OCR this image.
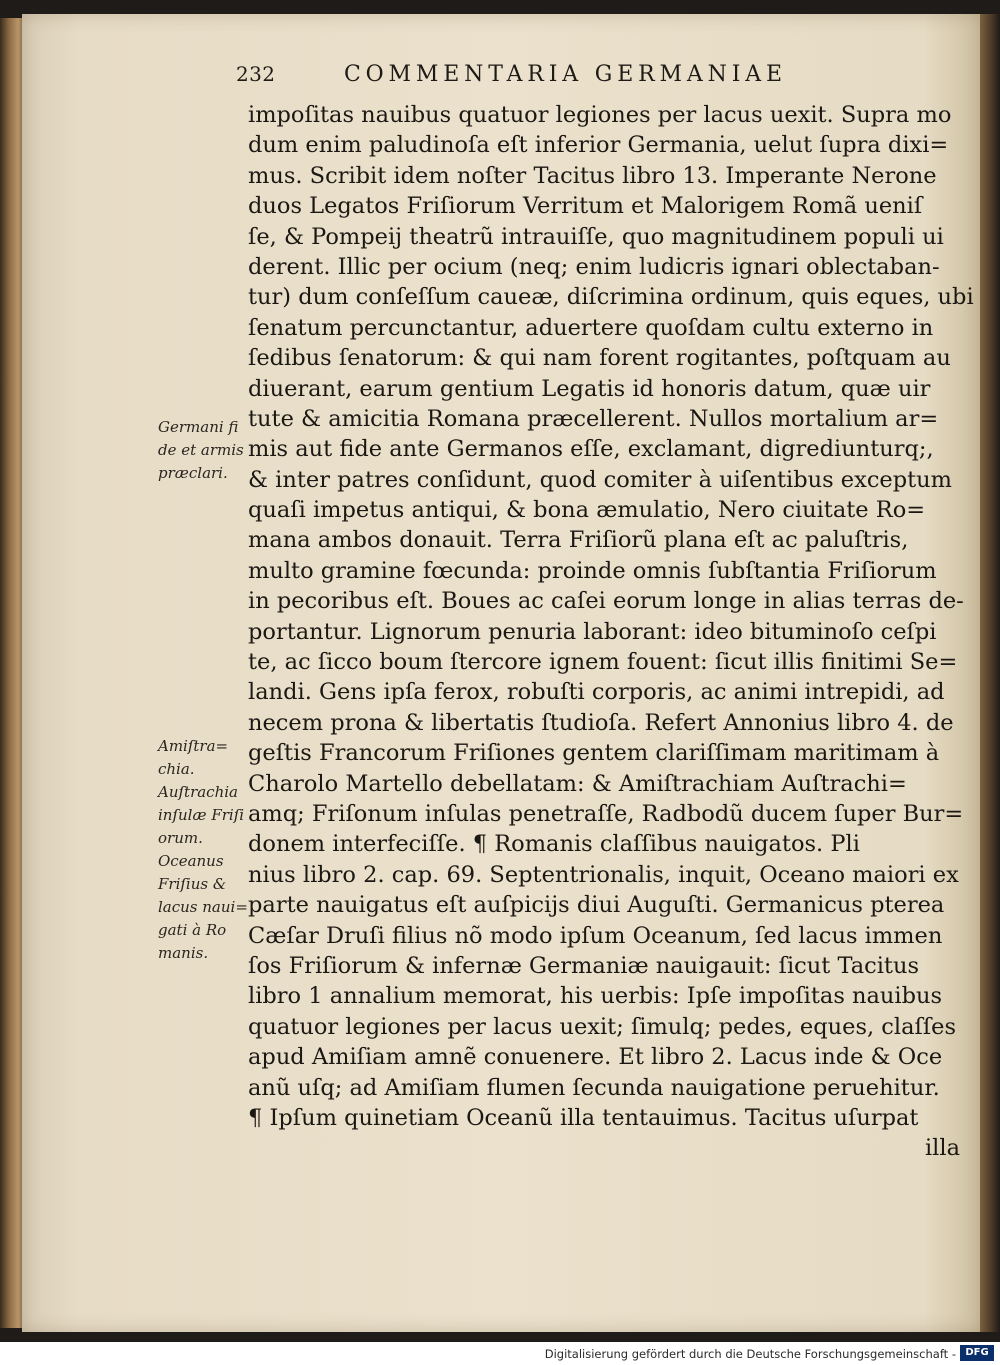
232	COMMENTARIA GERMANIAE
impoſitas nauibus quatuor legiones per lacus uexit. Supra mo
dum enim paludinoſa eſt inferior Germania, uelut ſupra dixi=
mus. Scribit idem noſter Tacitus libro 13. Imperante Nerone
duos Legatos Friſiorum Verritum et Malorigem Romã ueniſ
ſe, & Pompeij theatrũ intrauiſſe, quo magnitudinem populi ui
derent. Illic per ocium (neq; enim ludicris ignari oblectaban-
tur) dum conſeſſum caueæ, diſcrimina ordinum, quis eques, ubi
ſenatum percunctantur, aduertere quoſdam cultu externo in
ſedibus ſenatorum: & qui nam forent rogitantes, poſtquam au
diuerant, earum gentium Legatis id honoris datum, quæ uir
tute & amicitia Romana præcellerent. Nullos mortalium ar=
mis aut fide ante Germanos eſſe, exclamant, digrediunturq;,
& inter patres conſidunt, quod comiter à uiſentibus exceptum
quaſi impetus antiqui, & bona æmulatio, Nero ciuitate Ro=
mana ambos donauit. Terra Friſiorũ plana eſt ac paluſtris,
multo gramine fœcunda: proinde omnis ſubſtantia Friſiorum
in pecoribus eſt. Boues ac caſei eorum longe in alias terras de-
portantur. Lignorum penuria laborant: ideo bituminoſo ceſpi
te, ac ſicco boum ſtercore ignem fouent: ſicut illis finitimi Se=
landi. Gens ipſa ferox, robuſti corporis, ac animi intrepidi, ad
necem prona & libertatis ſtudioſa. Refert Annonius libro 4. de
geſtis Francorum Friſiones gentem clariſſimam maritimam à
Charolo Martello debellatam: & Amiſtrachiam Auſtrachi=
amq; Friſonum inſulas penetraſſe, Radbodũ ducem ſuper Bur=
donem interfeciſſe. ¶ Romanis claſſibus nauigatos. Pli
nius libro 2. cap. 69. Septentrionalis, inquit, Oceano maiori ex
parte nauigatus eſt auſpicijs diui Auguſti. Germanicus pterea
Cæſar Druſi filius nõ modo ipſum Oceanum, ſed lacus immen
ſos Friſiorum & infernæ Germaniæ nauigauit: ſicut Tacitus
libro 1 annalium memorat, his uerbis: Ipſe impoſitas nauibus
quatuor legiones per lacus uexit; ſimulq; pedes, eques, claſſes
apud Amiſiam amnẽ conuenere. Et libro 2. Lacus inde & Oce
anũ uſq; ad Amiſiam flumen ſecunda nauigatione peruehitur.
¶ Ipſum quinetiam Oceanũ illa tentauimus. Tacitus uſurpat
illa
Germani fi
de et armis
præclari.
Amiſtra=
chia.
Auſtrachia
inſulæ Friſi
orum.
Oceanus
Friſius &
lacus naui=
gati à Ro
manis.
Digitalisierung gefördert durch die Deutsche Forschungsgemeinschaft - DFG
